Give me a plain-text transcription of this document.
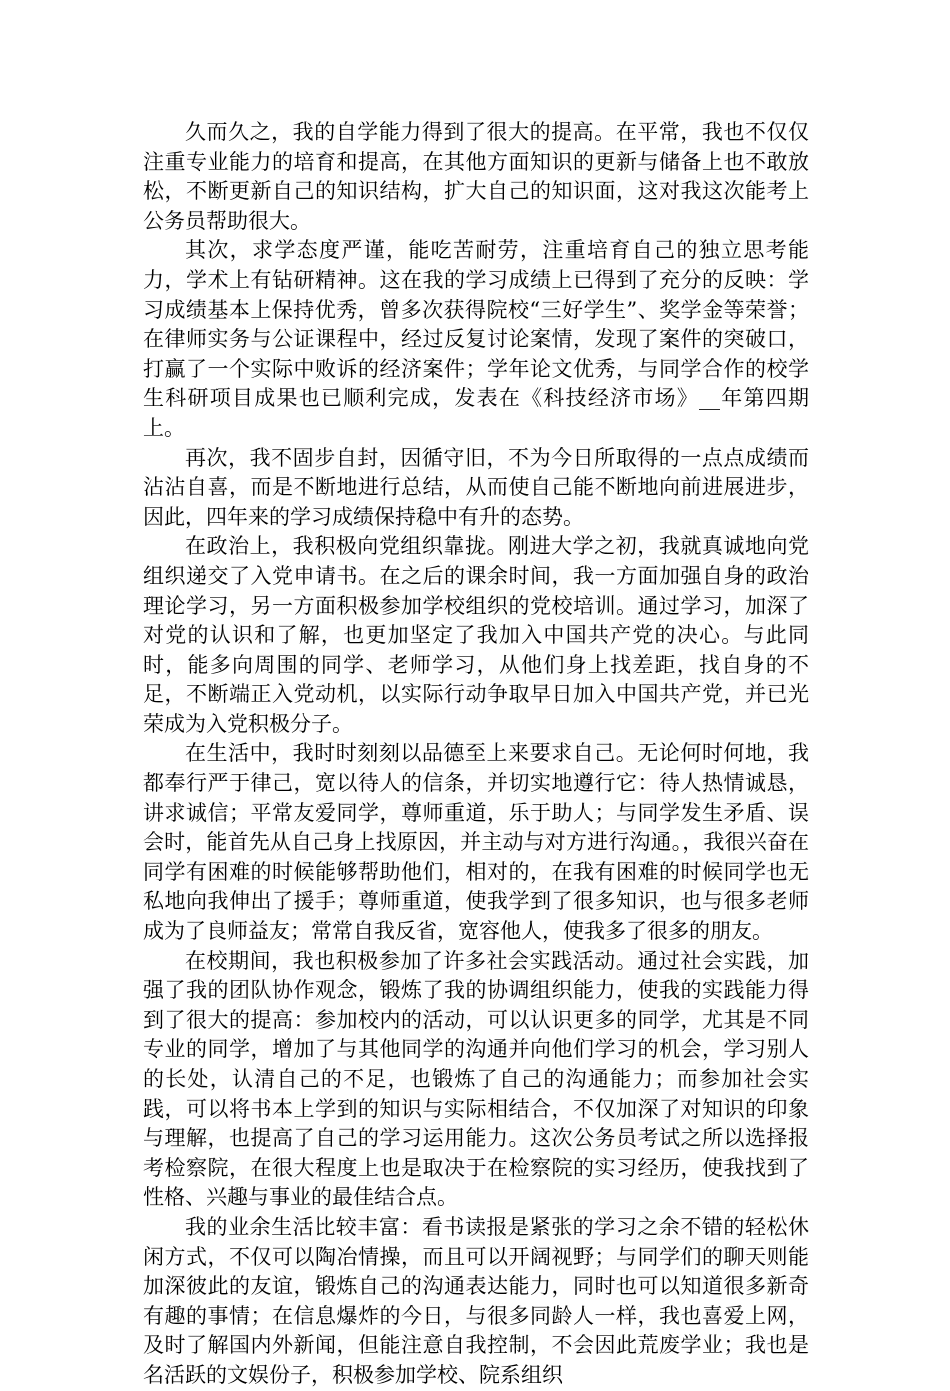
久而久之，我的自学能力得到了很大的提高。在平常，我也不仅仅注重专业能力的培育和提高，在其他方面知识的更新与储备上也不敢放松，不断更新自己的知识结构，扩大自己的知识面，这对我这次能考上公务员帮助很大。

其次，求学态度严谨，能吃苦耐劳，注重培育自己的独立思考能力，学术上有钻研精神。这在我的学习成绩上已得到了充分的反映：学习成绩基本上保持优秀，曾多次获得院校“三好学生”、奖学金等荣誉；在律师实务与公证课程中，经过反复讨论案情，发现了案件的突破口，打赢了一个实际中败诉的经济案件；学年论文优秀，与同学合作的校学生科研项目成果也已顺利完成，发表在《科技经济市场》__年第四期上。

再次，我不固步自封，因循守旧，不为今日所取得的一点点成绩而沾沾自喜，而是不断地进行总结，从而使自己能不断地向前进展进步，因此，四年来的学习成绩保持稳中有升的态势。

在政治上，我积极向党组织靠拢。刚进大学之初，我就真诚地向党组织递交了入党申请书。在之后的课余时间，我一方面加强自身的政治理论学习，另一方面积极参加学校组织的党校培训。通过学习，加深了对党的认识和了解，也更加坚定了我加入中国共产党的决心。与此同时，能多向周围的同学、老师学习，从他们身上找差距，找自身的不足，不断端正入党动机，以实际行动争取早日加入中国共产党，并已光荣成为入党积极分子。

在生活中，我时时刻刻以品德至上来要求自己。无论何时何地，我都奉行严于律己，宽以待人的信条，并切实地遵行它：待人热情诚恳，讲求诚信；平常友爱同学，尊师重道，乐于助人；与同学发生矛盾、误会时，能首先从自己身上找原因，并主动与对方进行沟通。，我很兴奋在同学有困难的时候能够帮助他们，相对的，在我有困难的时候同学也无私地向我伸出了援手；尊师重道，使我学到了很多知识，也与很多老师成为了良师益友；常常自我反省，宽容他人，使我多了很多的朋友。

在校期间，我也积极参加了许多社会实践活动。通过社会实践，加强了我的团队协作观念，锻炼了我的协调组织能力，使我的实践能力得到了很大的提高：参加校内的活动，可以认识更多的同学，尤其是不同专业的同学，增加了与其他同学的沟通并向他们学习的机会，学习别人的长处，认清自己的不足，也锻炼了自己的沟通能力；而参加社会实践，可以将书本上学到的知识与实际相结合，不仅加深了对知识的印象与理解，也提高了自己的学习运用能力。这次公务员考试之所以选择报考检察院，在很大程度上也是取决于在检察院的实习经历，使我找到了性格、兴趣与事业的最佳结合点。

我的业余生活比较丰富：看书读报是紧张的学习之余不错的轻松休闲方式，不仅可以陶冶情操，而且可以开阔视野；与同学们的聊天则能加深彼此的友谊，锻炼自己的沟通表达能力，同时也可以知道很多新奇有趣的事情；在信息爆炸的今日，与很多同龄人一样，我也喜爱上网，及时了解国内外新闻，但能注意自我控制，不会因此荒废学业；我也是名活跃的文娱份子，积极参加学校、院系组织
